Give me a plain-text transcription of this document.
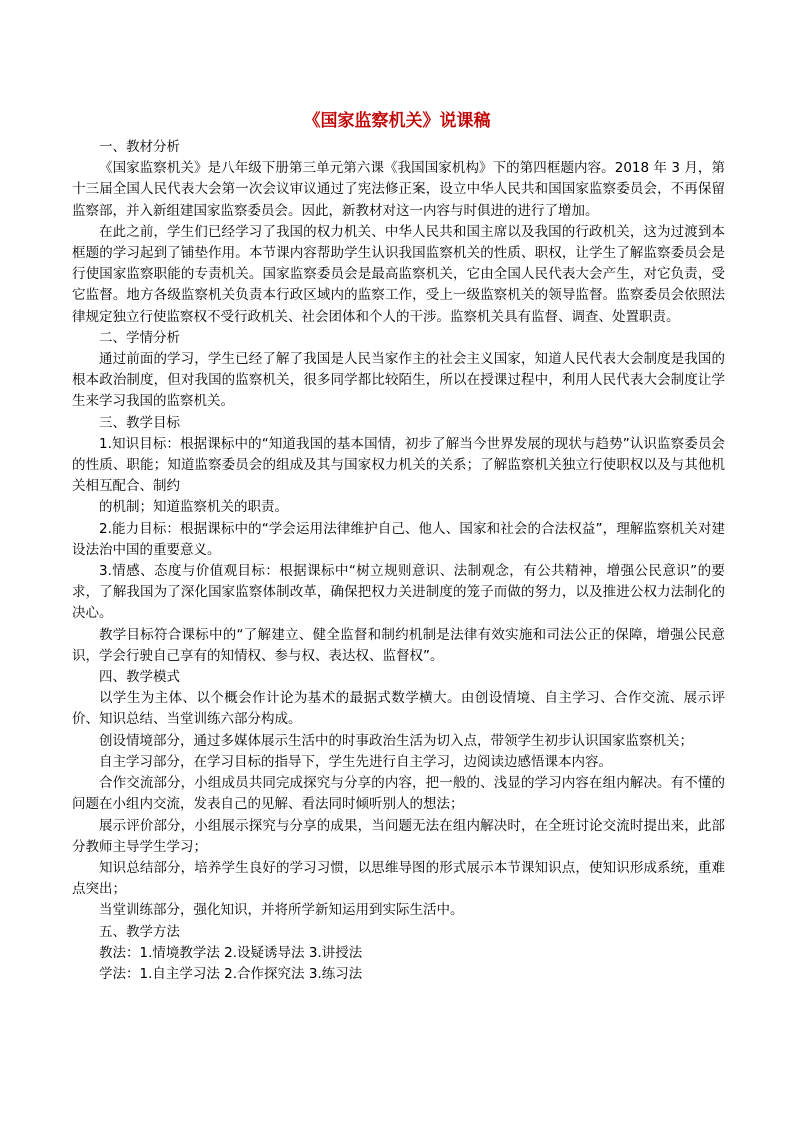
《国家监察机关》说课稿

一、教材分析

《国家监察机关》是八年级下册第三单元第六课《我国国家机构》下的第四框题内容。2018 年 3 月，第十三届全国人民代表大会第一次会议审议通过了宪法修正案，设立中华人民共和国国家监察委员会，不再保留监察部，并入新组建国家监察委员会。因此，新教材对这一内容与时俱进的进行了增加。

在此之前，学生们已经学习了我国的权力机关、中华人民共和国主席以及我国的行政机关，这为过渡到本框题的学习起到了铺垫作用。本节课内容帮助学生认识我国监察机关的性质、职权，让学生了解监察委员会是行使国家监察职能的专责机关。国家监察委员会是最高监察机关，它由全国人民代表大会产生，对它负责，受它监督。地方各级监察机关负责本行政区域内的监察工作，受上一级监察机关的领导监督。监察委员会依照法律规定独立行使监察权不受行政机关、社会团体和个人的干涉。监察机关具有监督、调查、处置职责。

二、学情分析

通过前面的学习，学生已经了解了我国是人民当家作主的社会主义国家，知道人民代表大会制度是我国的根本政治制度，但对我国的监察机关，很多同学都比较陌生，所以在授课过程中，利用人民代表大会制度让学生来学习我国的监察机关。

三、教学目标

1.知识目标：根据课标中的“知道我国的基本国情，初步了解当今世界发展的现状与趋势”认识监察委员会的性质、职能；知道监察委员会的组成及其与国家权力机关的关系；了解监察机关独立行使职权以及与其他机关相互配合、制约

的机制；知道监察机关的职责。

2.能力目标：根据课标中的“学会运用法律维护自己、他人、国家和社会的合法权益”，理解监察机关对建设法治中国的重要意义。

3.情感、态度与价值观目标：根据课标中“树立规则意识、法制观念，有公共精神，增强公民意识”的要求，了解我国为了深化国家监察体制改革，确保把权力关进制度的笼子而做的努力，以及推进公权力法制化的决心。

教学目标符合课标中的“了解建立、健全监督和制约机制是法律有效实施和司法公正的保障，增强公民意识，学会行驶自己享有的知情权、参与权、表达权、监督权”。

四、教学模式

以学生为主体、以个概会作计论为基术的最据式数学横大。由创设情境、自主学习、合作交流、展示评价、知识总结、当堂训练六部分构成。

创设情境部分，通过多媒体展示生活中的时事政治生活为切入点，带领学生初步认识国家监察机关；

自主学习部分，在学习目标的指导下，学生先进行自主学习，边阅读边感悟课本内容。

合作交流部分，小组成员共同完成探究与分享的内容，把一般的、浅显的学习内容在组内解决。有不懂的问题在小组内交流，发表自己的见解、看法同时倾听别人的想法；

展示评价部分，小组展示探究与分享的成果，当问题无法在组内解决时，在全班讨论交流时提出来，此部分教师主导学生学习；

知识总结部分，培养学生良好的学习习惯，以思维导图的形式展示本节课知识点，使知识形成系统，重难点突出；

当堂训练部分，强化知识，并将所学新知运用到实际生活中。

五、教学方法

教法：1.情境教学法 2.设疑诱导法 3.讲授法

学法：1.自主学习法 2.合作探究法 3.练习法
